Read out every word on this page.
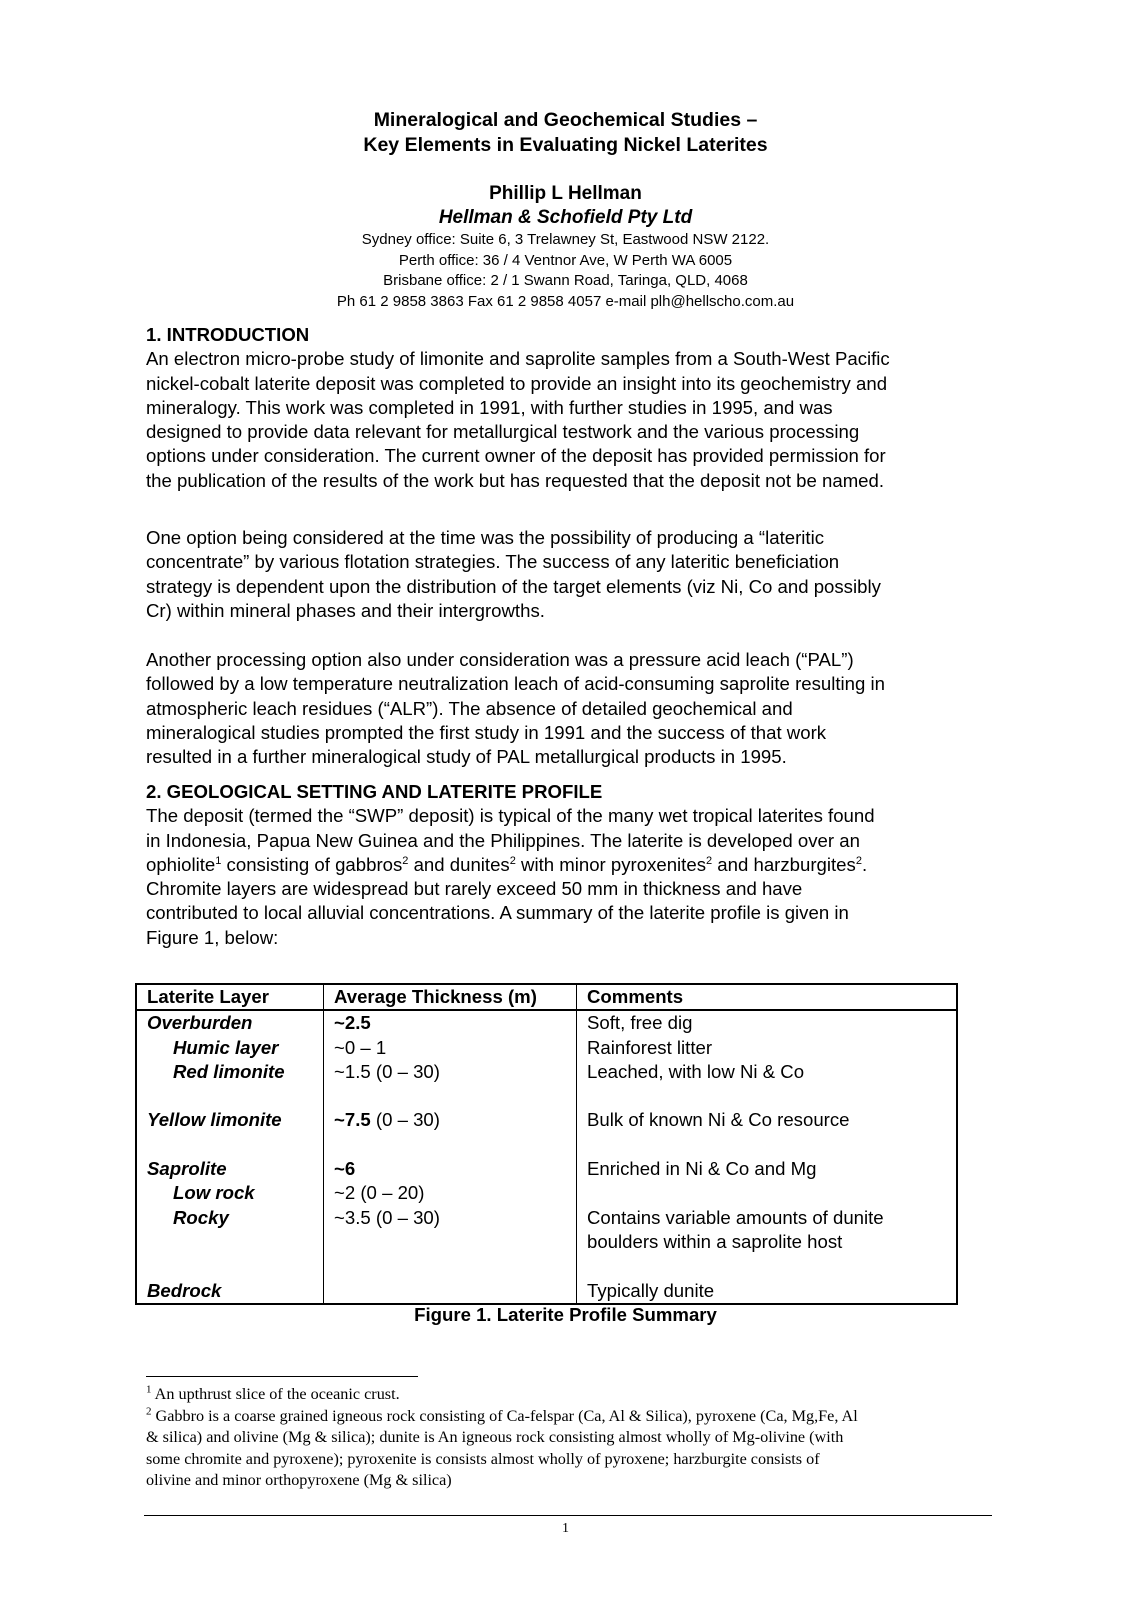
Mineralogical and Geochemical Studies –
Key Elements in Evaluating Nickel Laterites
Phillip L Hellman
Hellman & Schofield Pty Ltd
Sydney office: Suite 6, 3 Trelawney St, Eastwood NSW 2122.
Perth office: 36 / 4 Ventnor Ave, W Perth WA 6005
Brisbane office: 2 / 1 Swann Road, Taringa, QLD, 4068
Ph 61 2 9858 3863 Fax 61 2 9858 4057 e-mail plh@hellscho.com.au
1. INTRODUCTION
An electron micro-probe study of limonite and saprolite samples from a South-West Pacific
nickel-cobalt laterite deposit was completed to provide an insight into its geochemistry and
mineralogy. This work was completed in 1991, with further studies in 1995, and was
designed to provide data relevant for metallurgical testwork and the various processing
options under consideration. The current owner of the deposit has provided permission for
the publication of the results of the work but has requested that the deposit not be named.
One option being considered at the time was the possibility of producing a “lateritic
concentrate” by various flotation strategies. The success of any lateritic beneficiation
strategy is dependent upon the distribution of the target elements (viz Ni, Co and possibly
Cr) within mineral phases and their intergrowths.
Another processing option also under consideration was a pressure acid leach (“PAL”)
followed by a low temperature neutralization leach of acid-consuming saprolite resulting in
atmospheric leach residues (“ALR”). The absence of detailed geochemical and
mineralogical studies prompted the first study in 1991 and the success of that work
resulted in a further mineralogical study of PAL metallurgical products in 1995.
2. GEOLOGICAL SETTING AND LATERITE PROFILE
The deposit (termed the “SWP” deposit) is typical of the many wet tropical laterites found
in Indonesia, Papua New Guinea and the Philippines. The laterite is developed over an
ophiolite$^1$ consisting of gabbros$^2$ and dunites$^2$ with minor pyroxenites$^2$ and harzburgites$^2$.
Chromite layers are widespread but rarely exceed 50 mm in thickness and have
contributed to local alluvial concentrations. A summary of the laterite profile is given in
Figure 1, below:
Laterite Layer	Average Thickness (m)	Comments
Overburden	~2.5	Soft, free dig
Humic layer	~0 – 1	Rainforest litter
Red limonite	~1.5 (0 – 30)	Leached, with low Ni & Co

Yellow limonite	~7.5 (0 – 30)	Bulk of known Ni & Co resource

Saprolite	~6	Enriched in Ni & Co and Mg
Low rock	~2 (0 – 20)	
Rocky	~3.5 (0 – 30)	Contains variable amounts of dunite
boulders within a saprolite host

Bedrock		Typically dunite
Figure 1. Laterite Profile Summary
$^1$ An upthrust slice of the oceanic crust.
$^2$ Gabbro is a coarse grained igneous rock consisting of Ca-felspar (Ca, Al & Silica), pyroxene (Ca, Mg,Fe, Al
& silica) and olivine (Mg & silica); dunite is An igneous rock consisting almost wholly of Mg-olivine (with
some chromite and pyroxene); pyroxenite is consists almost wholly of pyroxene; harzburgite consists of
olivine and minor orthopyroxene (Mg & silica)
1
